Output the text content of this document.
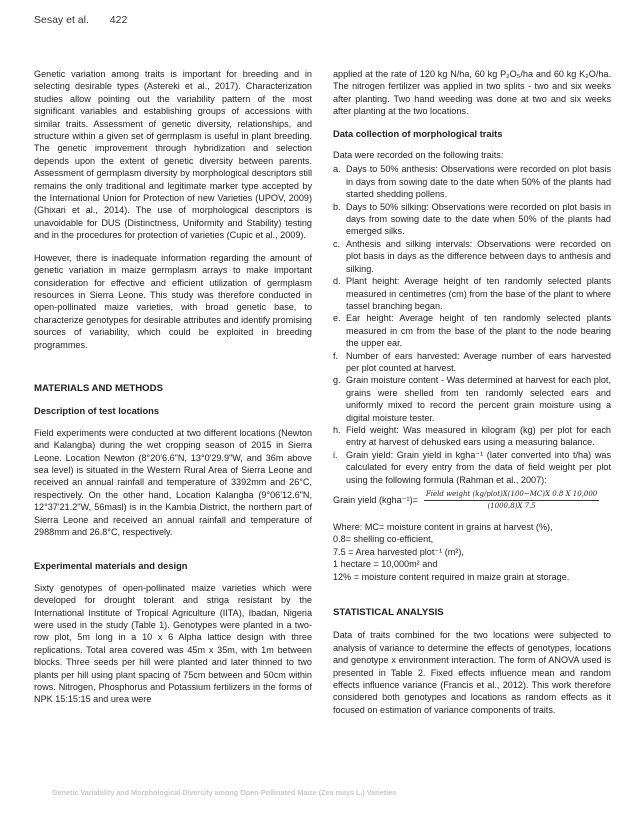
Sesay et al. 422

Genetic variation among traits is important for breeding and in selecting desirable types (Astereki et al., 2017). Characterization studies allow pointing out the variability pattern of the most significant variables and establishing groups of accessions with similar traits. Assessment of genetic diversity, relationships, and structure within a given set of germplasm is useful in plant breeding. The genetic improvement through hybridization and selection depends upon the extent of genetic diversity between parents. Assessment of germplasm diversity by morphological descriptors still remains the only traditional and legitimate marker type accepted by the International Union for Protection of new Varieties (UPOV, 2009) (Ghixari et al., 2014). The use of morphological descriptors is unavoidable for DUS (Distinctness, Uniformity and Stability) testing and in the procedures for protection of varieties (Cupic et al., 2009).

However, there is inadequate information regarding the amount of genetic variation in maize germplasm arrays to make important consideration for effective and efficient utilization of germplasm resources in Sierra Leone. This study was therefore conducted in open-pollinated maize varieties, with broad genetic base, to characterize genotypes for desirable attributes and identify promising sources of variability, which could be exploited in breeding programmes.

MATERIALS AND METHODS
Description of test locations

Field experiments were conducted at two different locations (Newton and Kalangba) during the wet cropping season of 2015 in Sierra Leone. Location Newton (8°20'6.6"N, 13°0'29.9"W, and 36m above sea level) is situated in the Western Rural Area of Sierra Leone and received an annual rainfall and temperature of 3392mm and 26°C, respectively. On the other hand, Location Kalangba (9°06'12.6"N, 12°37'21.2"W, 56masl) is in the Kambia District, the northern part of Sierra Leone and received an annual rainfall and temperature of 2988mm and 26.8°C, respectively.

Experimental materials and design

Sixty genotypes of open-pollinated maize varieties which were developed for drought tolerant and striga resistant by the International Institute of Tropical Agriculture (IITA), Ibadan, Nigeria were used in the study (Table 1). Genotypes were planted in a two-row plot, 5m long in a 10 x 6 Alpha lattice design with three replications. Total area covered was 45m x 35m, with 1m between blocks. Three seeds per hill were planted and later thinned to two plants per hill using plant spacing of 75cm between and 50cm within rows. Nitrogen, Phosphorus and Potassium fertilizers in the forms of NPK 15:15:15 and urea were

applied at the rate of 120 kg N/ha, 60 kg P₂O₅/ha and 60 kg K₂O/ha. The nitrogen fertilizer was applied in two splits - two and six weeks after planting. Two hand weeding was done at two and six weeks after planting at the two locations.

Data collection of morphological traits

Data were recorded on the following traits:

a. Days to 50% anthesis: Observations were recorded on plot basis in days from sowing date to the date when 50% of the plants had started shedding pollens.
b. Days to 50% silking: Observations were recorded on plot basis in days from sowing date to the date when 50% of the plants had emerged silks.
c. Anthesis and silking intervals: Observations were recorded on plot basis in days as the difference between days to anthesis and silking.
d. Plant height: Average height of ten randomly selected plants measured in centimetres (cm) from the base of the plant to where tassel branching began.
e. Ear height: Average height of ten randomly selected plants measured in cm from the base of the plant to the node bearing the upper ear.
f. Number of ears harvested: Average number of ears harvested per plot counted at harvest.
g. Grain moisture content - Was determined at harvest for each plot, grains were shelled from ten randomly selected ears and uniformly mixed to record the percent grain moisture using a digital moisture tester.
h. Field weight: Was measured in kilogram (kg) per plot for each entry at harvest of dehusked ears using a measuring balance.
i. Grain yield: Grain yield in kgha⁻¹ (later converted into t/ha) was calculated for every entry from the data of field weight per plot using the following formula (Rahman et al., 2007):
Grain yield (kgha⁻¹)= $\frac{\text{Field weight (kg/plot)X(100−MC)X 0.8 X 10,000}}{(1000.8)X 7.5}$

Where: MC= moisture content in grains at harvest (%),

0.8= shelling co-efficient,

7.5 = Area harvested plot⁻¹ (m²),

1 hectare = 10,000m² and

12% = moisture content required in maize grain at storage.

STATISTICAL ANALYSIS

Data of traits combined for the two locations were subjected to analysis of variance to determine the effects of genotypes, locations and genotype x environment interaction. The form of ANOVA used is presented in Table 2. Fixed effects influence mean and random effects influence variance (Francis et al., 2012). This work therefore considered both genotypes and locations as random effects as it focused on estimation of variance components of traits.

Genetic Variability and Morphological Diversity among Open-Pollinated Maize (Zea mays L.) Varieties
